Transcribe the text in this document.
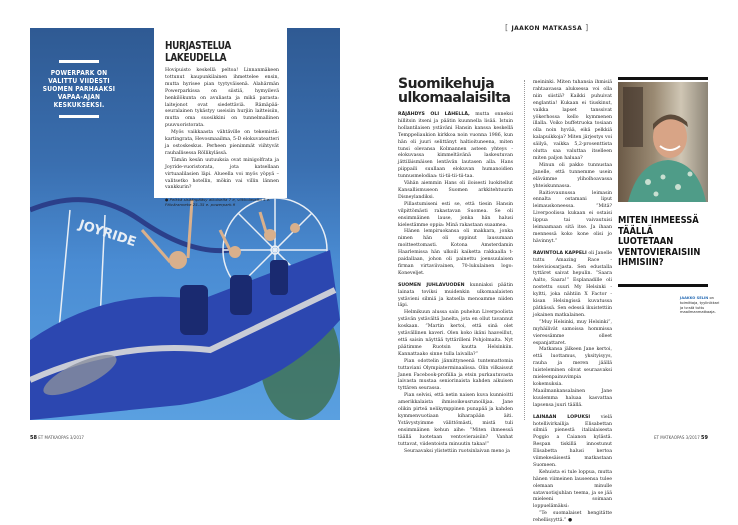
JOYRIDE
POWERPARK ON VALITTU VIIDESTI SUOMEN PARHAAKSI VAPAA-AJAN KESKUKSEKSI.
HURJASTELUA LAKEUDELLA

Hovipuisto keskellä peltoa! Linnanmäkeen tottunut kaupunkilainen ihmettelee ensin, mutta hyrisee pian tyytyväisenä. Alahärmän Powerparkissa on siistiä, hymyilevä henkilökunta on avuliasta ja mikä parasta: laitejonot ovat siedettäviä. Rämäpää-seuralainen tykästyy useisiin hurjiin laitteisiin, mutta oma suosikkini on tunnelmallinen puuvuoristorata.

Myös vaikkaasta vähtäville on tekemistä: kartingrata, Hevosmaailma, 5-D elokuvateatteri ja ostoskeskus. Perheen pienimmät viihtyvät rauhallisessa Röllikylässä.

Tämän kesän uutuuksia ovat minigolfrata ja Joyride-vuoristorata, jota katsellaan virtuaalilasien läpi. Alueella voi myös yöpyä – valitsetko hotellin, mökin vai villin lännen vankkurin?

● Pelkkä sisäänpääsy aikuiselta 7 e, viikkolasetto 5 e. Päiväranneke 25–35 e. powerpark.fi
58 ET MATKAOPAS 3/2017
[ JAAKON MATKASSA ]
Suomikehuja ulkomaalaisilta

RÄJÄHDYS OLI LÄHELLÄ, mutta onneksi hillitsin itseni ja päätin kuunnella lisää. Istuin hollantilaisen ystäväni Hansin kanssa keskellä Temppeliaukion kirkkoa noin vuonna 1986, kun hän oli juuri selittänyt haltioituneena, miten tunsi olevansa Kolmannen asteen yhteys -elokuvassa kimmeltävänä laskeutuvan jättiläismäisen lentävän lautasen alla. Hans piippaili suullaan elokuvan humanoidien tunnusmelodiaa: tii-tii-tii-tii-taa.

Vähän aiemmin Hans oli iloisesti luokitellut Kansallismuseon Suomen arkkitehtuurin Disneylandiksi.

Pillastumiseni esti se, että tiesin Hansin vilpittömästi rakastavan Suomea. Se oli ensimmäinen lause, jonka hän halusi kielestämme oppia: Minä rakastaan suaamea.

Hänen lempiruokansa oli makkara, jonka nimen hän oli oppinut lausumaan moitteettomasti. Kotona Amsterdamin Haarlemissa hän ulkoili kaiketta rakkaalla t-paidallaan, johon oli painettu joensuulaisen firman virtaviivainen, 70-lukulainen logo: Koneveljet.

SUOMEN JUHLAVUODEN kunniaksi päätin lainata toviksi muidenkin ulkomaalaisten ystävieni silmiä ja katsella menoamme niiden läpi.

Helmikuun alussa sain puhelun Liverpoolista ystävän ystävältä Janelta, jota en ollut tavannut koskaan. ”Martin kertoi, että sinä olet ystävällinen kaveri. Olen koko ikäni haaveillut, että saisin näyttää tyttärilleni Pohjolmaita. Nyt päätimme Ruotsin kautta Helsinkiin. Kannattaako sinne tulla laivalla?”

Pian odottelin jännittyneenä tuntemattomia tuttaviani Olympiaterminaalissa. Olin vilkaissut Janen Facebook-profiilia ja etsin purkautuvasta laivasta mustaa seniorinaista kahden aikuisen tyttären seurassa.

Pian selvisi, että netin naisen kuva kunnioitti amerikkalaista ihmisoikeusrunoilijaa. Jane olikin pirteä nelikymppinen punapää ja kahden kymmenvuotiaan kiharapään äiti. Ystävystyimme välittömästi, mistä tuli ensimmäinen kehun aihe: ”Miten ihmeessä täällä luotetaan ventovieraisiin? Vanhat tuttavat, viidentoista minuutin takaa!”

Seuraavaksi ylistettiin ruotsinlaivan meno ja

meininki. Miten tuhansia ihmisiä rahtaavassa aluksessa voi olla niin siistiä? Kaikki puhuivat englantia! Kukaan ei tiuskinut, vaikka lapset tanssivat yökerhossa kello kymmenen illalla. Voiko buffetruoka tosiaan olla noin hyvää, eikä pelkkiä kalapuikkoja? Miten järjestys voi säilyä, vaikka 5,2-prosenttista olutta saa valuttaa itselleen miten paljon haluaa?

Minun oli pakko tunnustaa Janelle, että tunnemme usein elävämme yliholhoavassa yhteiskunnassa.

Raitiovaunussa leimasin ennalta ostamani liput leimauskoneessa. ”Mitä? Liverpoolissa kukaan ei ostaisi lippua tai vaivautuisi leimaamaan sitä itse. Ja ihaan mennessä koko kone olisi jo hävinnyt.”

RAVINTOLA KAPPELI oli Janelle tuttu Amazing Race -televisiosarjasta. Sen edustalla tyttäret saivat hepulin. ”Saara Aalto, Saara!” Esplanadille oli nostettu suuri My Helsinki -kyltti, joka nähtiin X Factor -kisan Helsingissä kuvatussa pätkässä. Sen edessä ikuistettiin jokainen matkalainen.

”Muy Helsinki, muy Helsinki”, myhäilivät samoissa hommissa vieressämme olleet espanjattaret.

Matkansa jälkeen Jane kertoi, että luottamus, yksityisyys, rauha ja meren jäällä luisteleminen olivat seuraavaksi mieleenpainuvimpia kokemuksia. Maailmankansalainen Jane kuulemma haluaa kasvattaa lapsensa juuri täällä.

LAINAAN LOPUKSI vielä hotellivirkailija Elisabettan silmiä pienestä italialaisesta Poggio a Caianon kylästä. Respan tiskillä innostunut Elisabetta halusi kertoa viimekesäisestä matkastaan Suomeen.

Kehuista ei tule loppua, mutta hänen viimeinen lauseensa tulee olemaan minulle satavuotisjuhlan teema, ja se jää mieleeni soimaan loppuelämäksi:

”Te suomalaiset hengitätte rehellisyyttä.” ●

MITEN IHMEESSÄ TÄÄLLÄ LUOTETAAN VENTOVIERAISIIN IHMISIIN?
JAAKKO SELIN on toimittaja, tyylinikkari ja tv:stä tuttu maailmanmatkaaja.
ET MATKAOPAS 3/2017 59
